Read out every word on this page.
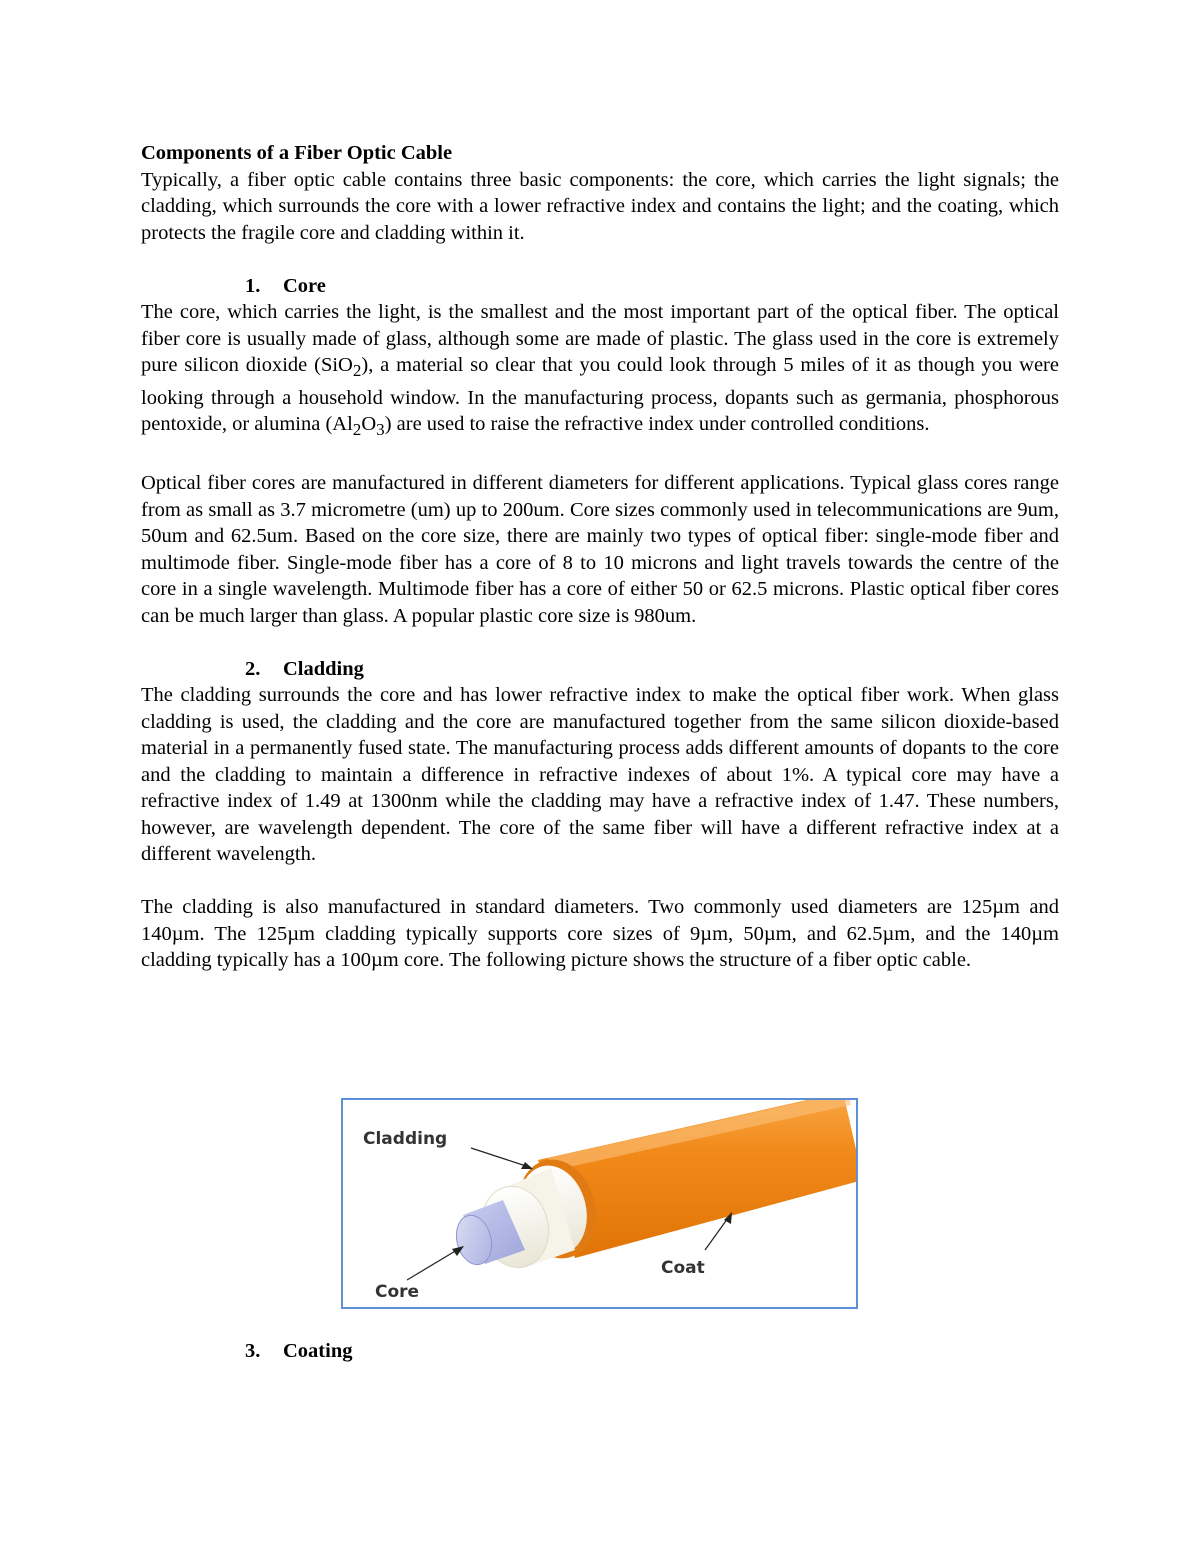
Components of a Fiber Optic Cable

Typically, a fiber optic cable contains three basic components: the core, which carries the light signals; the cladding, which surrounds the core with a lower refractive index and contains the light; and the coating, which protects the fragile core and cladding within it.

1. Core

The core, which carries the light, is the smallest and the most important part of the optical fiber. The optical fiber core is usually made of glass, although some are made of plastic. The glass used in the core is extremely pure silicon dioxide (SiO$_2$), a material so clear that you could look through 5 miles of it as though you were looking through a household window. In the manufacturing process, dopants such as germania, phosphorous pentoxide, or alumina $(Al_2O_3)$ are used to raise the refractive index under controlled conditions.

Optical fiber cores are manufactured in different diameters for different applications. Typical glass cores range from as small as 3.7 micrometre (um) up to 200um. Core sizes commonly used in telecommunications are 9um, 50um and 62.5um. Based on the core size, there are mainly two types of optical fiber: single-mode fiber and multimode fiber. Single-mode fiber has a core of 8 to 10 microns and light travels towards the centre of the core in a single wavelength. Multimode fiber has a core of either 50 or 62.5 microns. Plastic optical fiber cores can be much larger than glass. A popular plastic core size is 980um.

2. Cladding

The cladding surrounds the core and has lower refractive index to make the optical fiber work. When glass cladding is used, the cladding and the core are manufactured together from the same silicon dioxide-based material in a permanently fused state. The manufacturing process adds different amounts of dopants to the core and the cladding to maintain a difference in refractive indexes of about 1%. A typical core may have a refractive index of 1.49 at 1300nm while the cladding may have a refractive index of 1.47. These numbers, however, are wavelength dependent. The core of the same fiber will have a different refractive index at a different wavelength.

The cladding is also manufactured in standard diameters. Two commonly used diameters are 125µm and 140µm. The 125µm cladding typically supports core sizes of 9µm, 50µm, and 62.5µm, and the 140µm cladding typically has a 100µm core. The following picture shows the structure of a fiber optic cable.

Cladding
Core
Coat
3. Coating
